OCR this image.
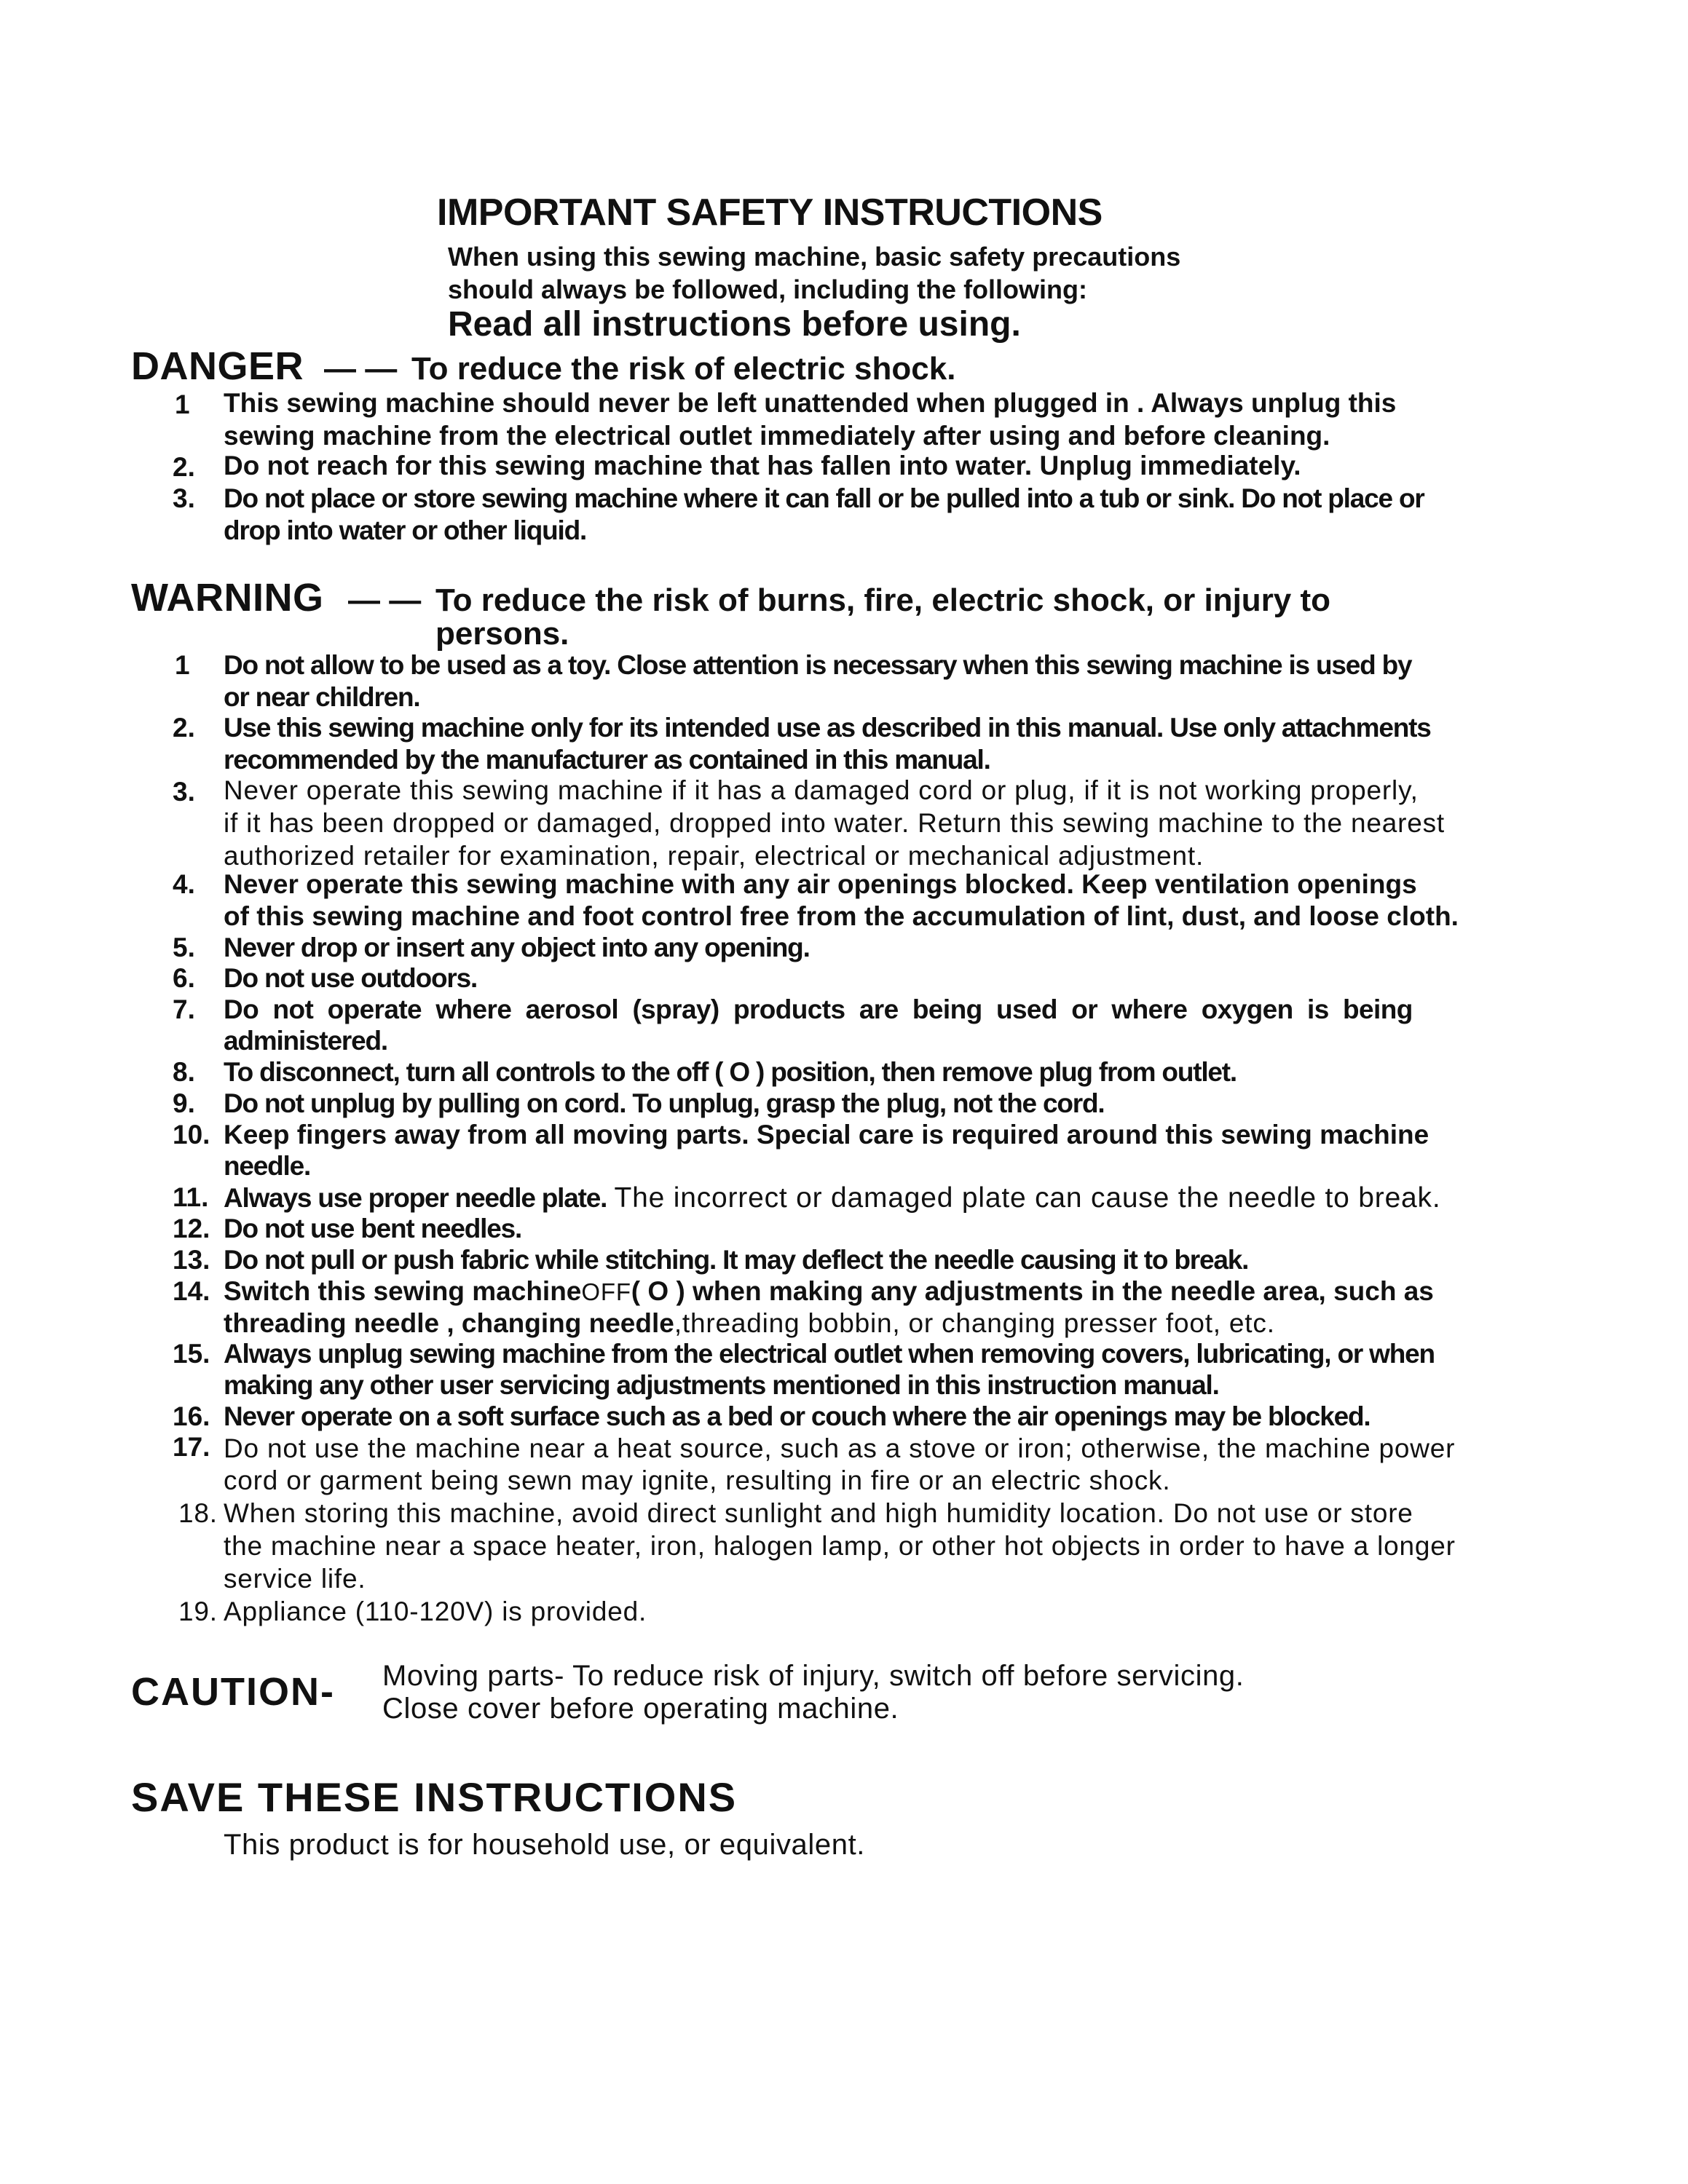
IMPORTANT SAFETY INSTRUCTIONS
When using this sewing machine, basic safety precautions
should always be followed, including the following:
Read all instructions before using.
DANGER — — To reduce the risk of electric shock.
1 This sewing machine should never be left unattended when plugged in . Always unplug this
sewing machine from the electrical outlet immediately after using and before cleaning.
2. Do not reach for this sewing machine that has fallen into water. Unplug immediately.
3. Do not place or store sewing machine where it can fall or be pulled into a tub or sink. Do not place or
drop into water or other liquid.
WARNING — — To reduce the risk of burns, fire, electric shock, or injury to
persons.
1 Do not allow to be used as a toy. Close attention is necessary when this sewing machine is used by
or near children.
2. Use this sewing machine only for its intended use as described in this manual. Use only attachments
recommended by the manufacturer as contained in this manual.
3. Never operate this sewing machine if it has a damaged cord or plug, if it is not working properly,
if it has been dropped or damaged, dropped into water. Return this sewing machine to the nearest
authorized retailer for examination, repair, electrical or mechanical adjustment.
4. Never operate this sewing machine with any air openings blocked. Keep ventilation openings
of this sewing machine and foot control free from the accumulation of lint, dust, and loose cloth.
5. Never drop or insert any object into any opening.
6. Do not use outdoors.
7. Do  not  operate  where  aerosol  (spray)  products  are  being  used  or  where  oxygen  is  being
administered.
8. To disconnect, turn all controls to the off ( O ) position, then remove plug from outlet.
9. Do not unplug by pulling on cord. To unplug, grasp the plug, not the cord.
10. Keep fingers away from all moving parts. Special care is required around this sewing machine
needle.
11. Always use proper needle plate. The incorrect or damaged plate can cause the needle to break.
12. Do not use bent needles.
13. Do not pull or push fabric while stitching. It may deflect the needle causing it to break.
14. Switch this sewing machineOFF( O ) when making any adjustments in the needle area, such as
threading needle , changing needle,threading bobbin, or changing presser foot, etc.
15. Always unplug sewing machine from the electrical outlet when removing covers, lubricating, or when
making any other user servicing adjustments mentioned in this instruction manual.
16. Never operate on a soft surface such as a bed or couch where the air openings may be blocked.
17. Do not use the machine near a heat source, such as a stove or iron; otherwise, the machine power
cord or garment being sewn may ignite, resulting in fire or an electric shock.
18. When storing this machine, avoid direct sunlight and high humidity location. Do not use or store
the machine near a space heater, iron, halogen lamp, or other hot objects in order to have a longer
service life.
19. Appliance (110-120V) is provided.
CAUTION- Moving parts- To reduce risk of injury, switch off before servicing.
Close cover before operating machine.
SAVE THESE INSTRUCTIONS
This product is for household use, or equivalent.
